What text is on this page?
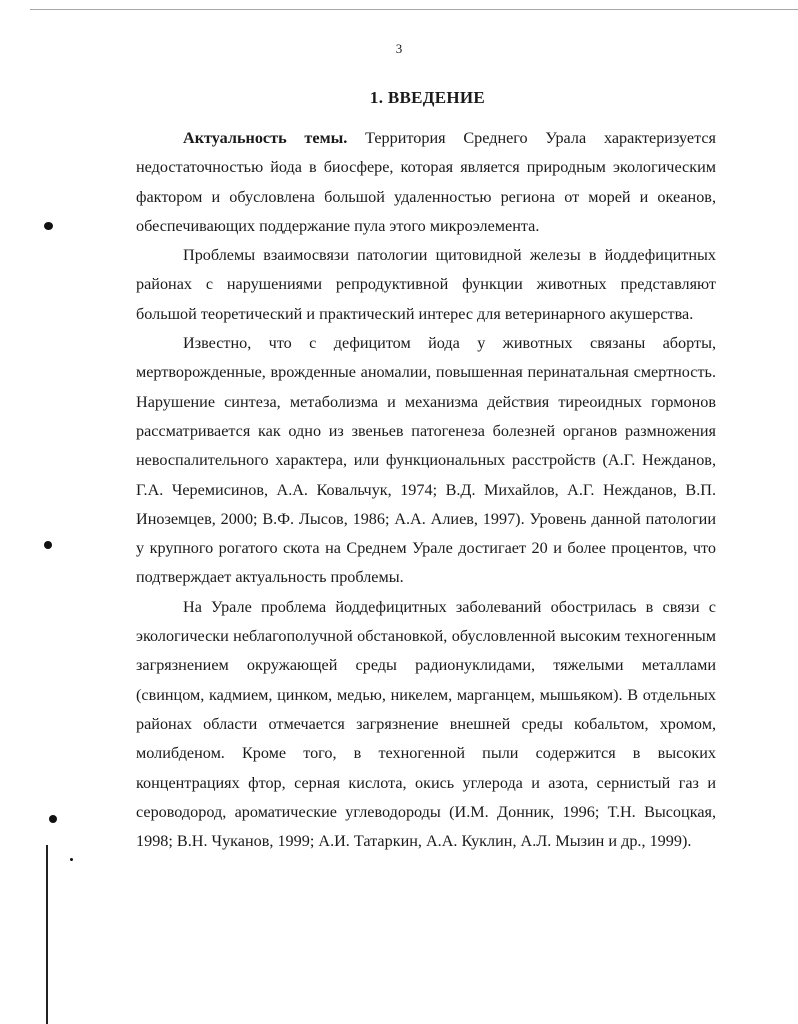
3
1. ВВЕДЕНИЕ

Актуальность темы. Территория Среднего Урала характеризуется недостаточностью йода в биосфере, которая является природным экологическим фактором и обусловлена большой удаленностью региона от морей и океанов, обеспечивающих поддержание пула этого микроэлемента.

Проблемы взаимосвязи патологии щитовидной железы в йоддефицитных районах с нарушениями репродуктивной функции животных представляют большой теоретический и практический интерес для ветеринарного акушерства.

Известно, что с дефицитом йода у животных связаны аборты, мертворожденные, врожденные аномалии, повышенная перинатальная смертность. Нарушение синтеза, метаболизма и механизма действия тиреоидных гормонов рассматривается как одно из звеньев патогенеза болезней органов размножения невоспалительного характера, или функциональных расстройств (А.Г. Нежданов, Г.А. Черемисинов, А.А. Ковальчук, 1974; В.Д. Михайлов, А.Г. Нежданов, В.П. Иноземцев, 2000; В.Ф. Лысов, 1986; А.А. Алиев, 1997). Уровень данной патологии у крупного рогатого скота на Среднем Урале достигает 20 и более процентов, что подтверждает актуальность проблемы.

На Урале проблема йоддефицитных заболеваний обострилась в связи с экологически неблагополучной обстановкой, обусловленной высоким техногенным загрязнением окружающей среды радионуклидами, тяжелыми металлами (свинцом, кадмием, цинком, медью, никелем, марганцем, мышьяком). В отдельных районах области отмечается загрязнение внешней среды кобальтом, хромом, молибденом. Кроме того, в техногенной пыли содержится в высоких концентрациях фтор, серная кислота, окись углерода и азота, сернистый газ и сероводород, ароматические углеводороды (И.М. Донник, 1996; Т.Н. Высоцкая, 1998; В.Н. Чуканов, 1999; А.И. Татаркин, А.А. Куклин, А.Л. Мызин и др., 1999).
